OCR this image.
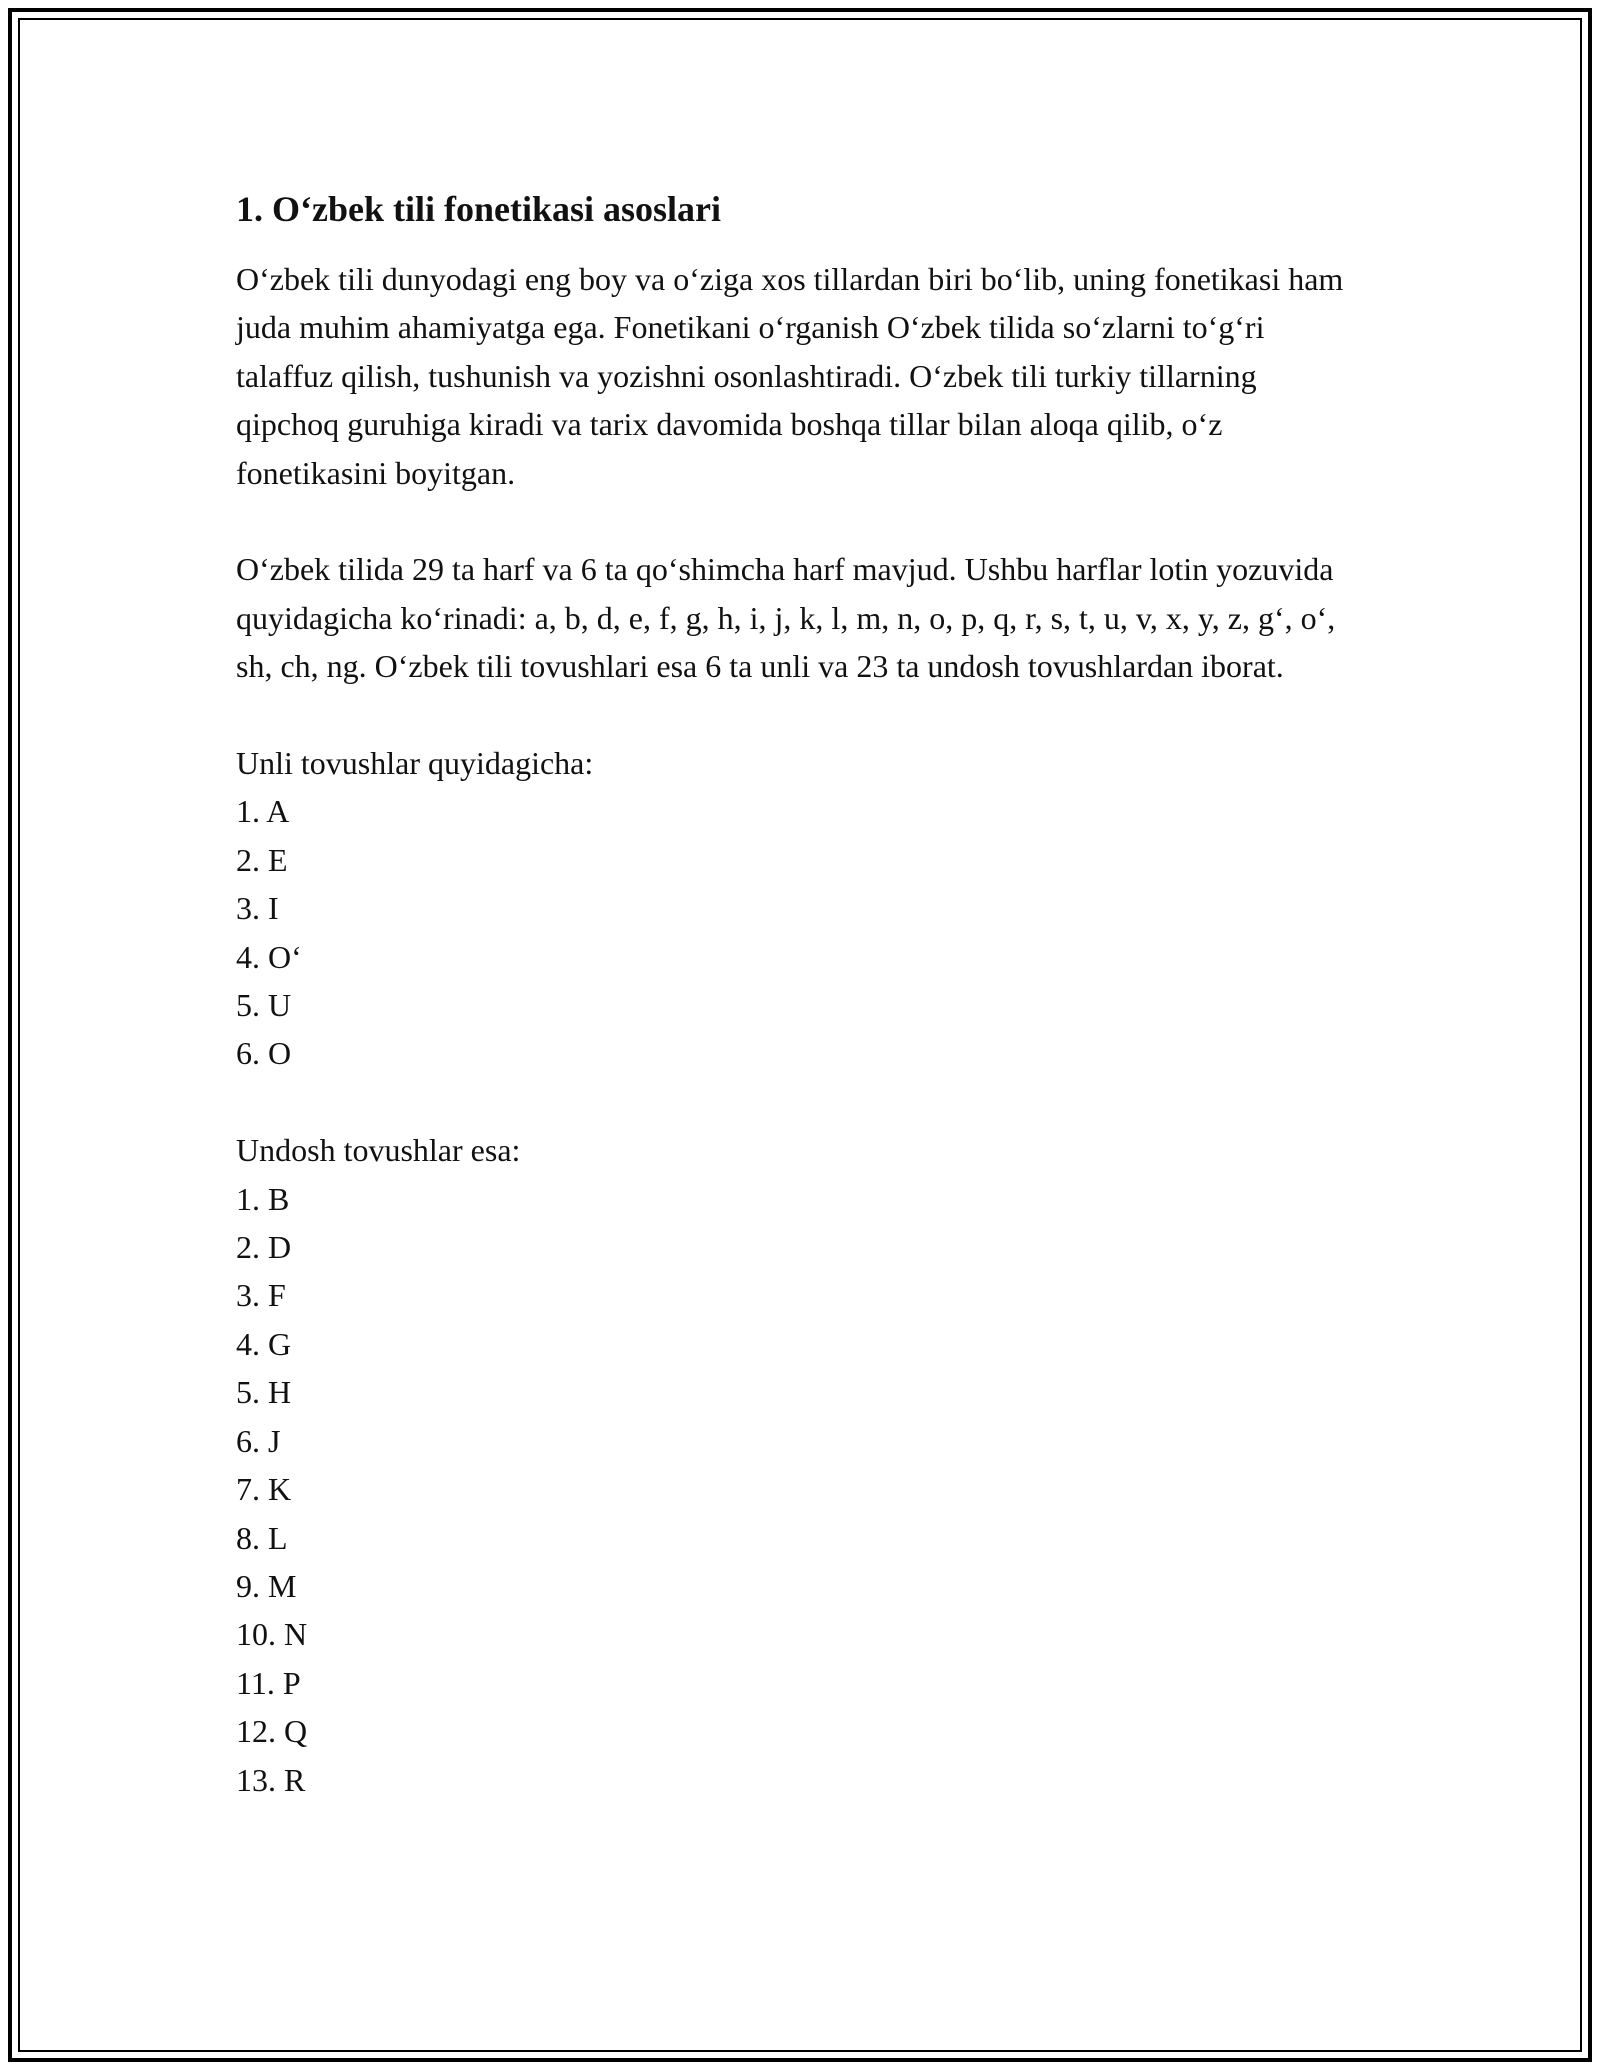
1. O‘zbek tili fonetikasi asoslari

O‘zbek tili dunyodagi eng boy va o‘ziga xos tillardan biri bo‘lib, uning fonetikasi ham juda muhim ahamiyatga ega. Fonetikani o‘rganish O‘zbek tilida so‘zlarni to‘g‘ri talaffuz qilish, tushunish va yozishni osonlashtiradi. O‘zbek tili turkiy tillarning qipchoq guruhiga kiradi va tarix davomida boshqa tillar bilan aloqa qilib, o‘z fonetikasini boyitgan.

O‘zbek tilida 29 ta harf va 6 ta qo‘shimcha harf mavjud. Ushbu harflar lotin yozuvida quyidagicha ko‘rinadi: a, b, d, e, f, g, h, i, j, k, l, m, n, o, p, q, r, s, t, u, v, x, y, z, g‘, o‘, sh, ch, ng. O‘zbek tili tovushlari esa 6 ta unli va 23 ta undosh tovushlardan iborat.

Unli tovushlar quyidagicha:

1. A
2. E
3. I
4. O‘
5. U
6. O

Undosh tovushlar esa:

1. B
2. D
3. F
4. G
5. H
6. J
7. K
8. L
9. M
10. N
11. P
12. Q
13. R
